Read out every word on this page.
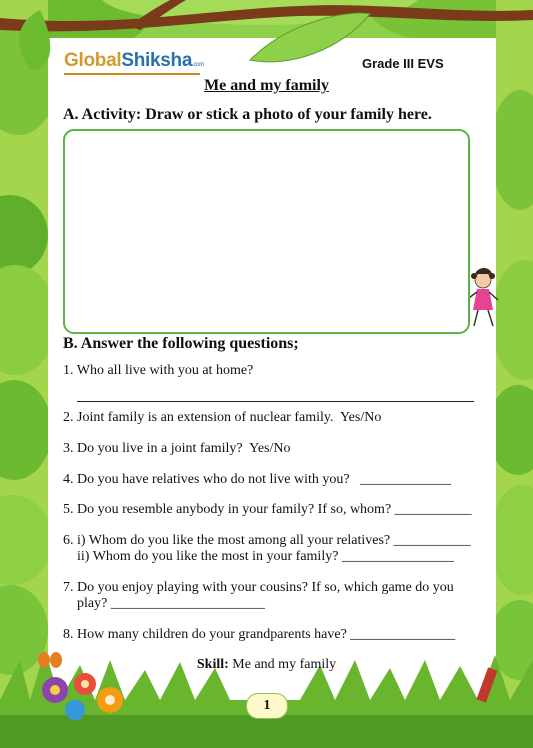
GlobalShiksha.com	Grade III EVS
Me and my family
A. Activity: Draw or stick a photo of your family here.
B. Answer the following questions;
1. Who all live with you at home?
2. Joint family is an extension of nuclear family.  Yes/No
3. Do you live in a joint family?  Yes/No
4. Do you have relatives who do not live with you?   _____________
5. Do you resemble anybody in your family? If so, whom? ___________
6. i) Whom do you like the most among all your relatives? ___________
ii) Whom do you like the most in your family? ________________
7. Do you enjoy playing with your cousins? If so, which game do you
play? ______________________
8. How many children do your grandparents have? _______________
Skill: Me and my family
1
